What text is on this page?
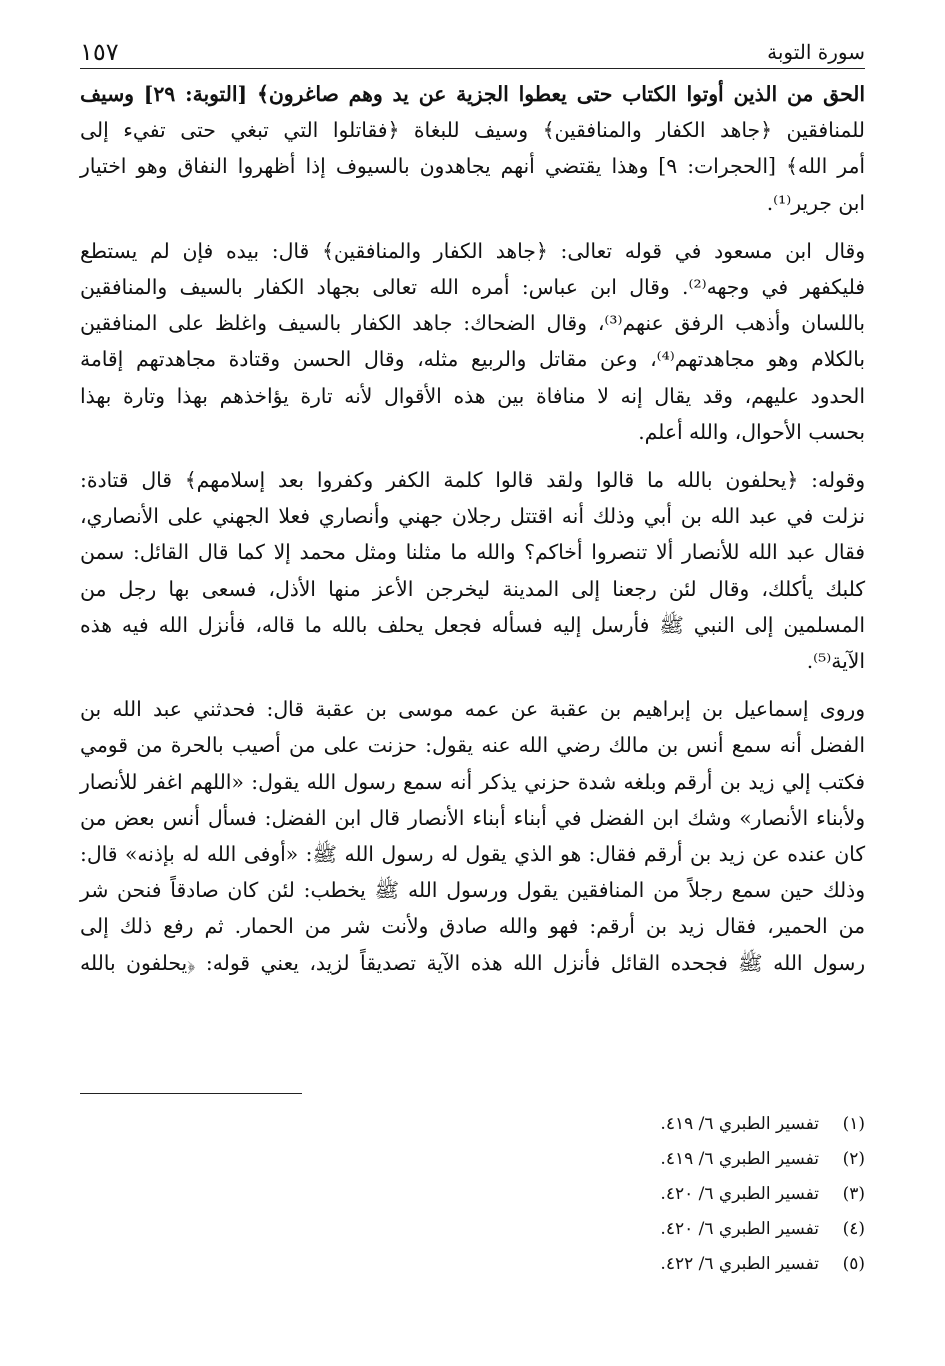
سورة التوبة
١٥٧

الحق من الذين أوتوا الكتاب حتى يعطوا الجزية عن يد وهم صاغرون﴾ [التوبة: ٢٩] وسيف
للمنافقين ﴿جاهد الكفار والمنافقين﴾ وسيف للبغاة ﴿فقاتلوا التي تبغي حتى تفيء إلى
أمر الله﴾ [الحجرات: ٩] وهذا يقتضي أنهم يجاهدون بالسيوف إذا أظهروا النفاق وهو اختيار
ابن جرير⁽¹⁾.

وقال ابن مسعود في قوله تعالى: ﴿جاهد الكفار والمنافقين﴾ قال: بيده فإن لم يستطع
فليكفهر في وجهه⁽²⁾. وقال ابن عباس: أمره الله تعالى بجهاد الكفار بالسيف والمنافقين
باللسان وأذهب الرفق عنهم⁽³⁾، وقال الضحاك: جاهد الكفار بالسيف واغلظ على المنافقين
بالكلام وهو مجاهدتهم⁽⁴⁾، وعن مقاتل والربيع مثله، وقال الحسن وقتادة مجاهدتهم إقامة
الحدود عليهم، وقد يقال إنه لا منافاة بين هذه الأقوال لأنه تارة يؤاخذهم بهذا وتارة بهذا
بحسب الأحوال، والله أعلم.

وقوله: ﴿يحلفون بالله ما قالوا ولقد قالوا كلمة الكفر وكفروا بعد إسلامهم﴾ قال قتادة:
نزلت في عبد الله بن أبي وذلك أنه اقتتل رجلان جهني وأنصاري فعلا الجهني على الأنصاري،
فقال عبد الله للأنصار ألا تنصروا أخاكم؟ والله ما مثلنا ومثل محمد إلا كما قال القائل: سمن
كلبك يأكلك، وقال لئن رجعنا إلى المدينة ليخرجن الأعز منها الأذل، فسعى بها رجل من
المسلمين إلى النبي ﷺ فأرسل إليه فسأله فجعل يحلف بالله ما قاله، فأنزل الله فيه هذه
الآية⁽⁵⁾.

وروى إسماعيل بن إبراهيم بن عقبة عن عمه موسى بن عقبة قال: فحدثني عبد الله بن
الفضل أنه سمع أنس بن مالك رضي الله عنه يقول: حزنت على من أصيب بالحرة من قومي
فكتب إلي زيد بن أرقم وبلغه شدة حزني يذكر أنه سمع رسول الله يقول: «اللهم اغفر للأنصار
ولأبناء الأنصار» وشك ابن الفضل في أبناء أبناء الأنصار قال ابن الفضل: فسأل أنس بعض من
كان عنده عن زيد بن أرقم فقال: هو الذي يقول له رسول الله ﷺ: «أوفى الله له بإذنه» قال:
وذلك حين سمع رجلاً من المنافقين يقول ورسول الله ﷺ يخطب: لئن كان صادقاً فنحن شر
من الحمير، فقال زيد بن أرقم: فهو والله صادق ولأنت شر من الحمار. ثم رفع ذلك إلى
رسول الله ﷺ فجحده القائل فأنزل الله هذه الآية تصديقاً لزيد، يعني قوله: ﴿يحلفون بالله

(١)
تفسير الطبري ٦/ ٤١٩.
(٢)
تفسير الطبري ٦/ ٤١٩.
(٣)
تفسير الطبري ٦/ ٤٢٠.
(٤)
تفسير الطبري ٦/ ٤٢٠.
(٥)
تفسير الطبري ٦/ ٤٢٢.
